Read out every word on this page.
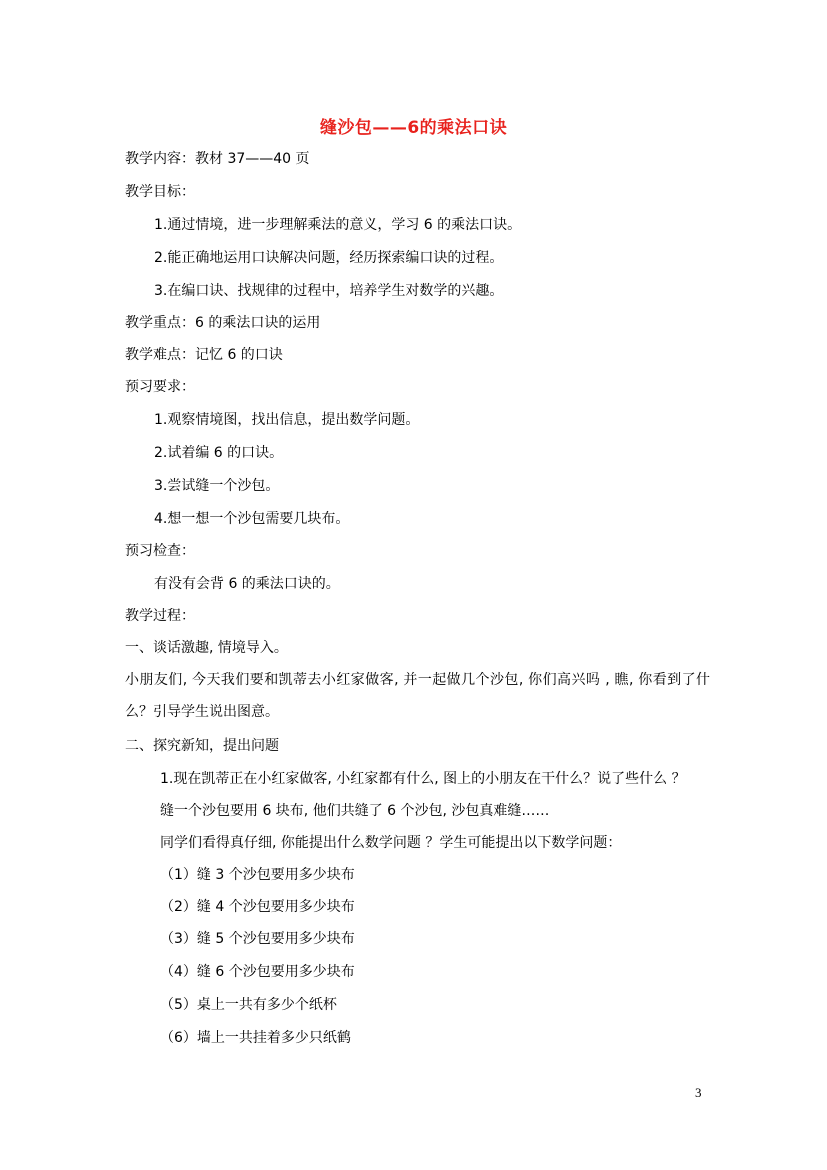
缝沙包——6的乘法口诀
教学内容：教材 37——40 页
教学目标：
1.通过情境，进一步理解乘法的意义，学习 6 的乘法口诀。
2.能正确地运用口诀解决问题，经历探索编口诀的过程。
3.在编口诀、找规律的过程中，培养学生对数学的兴趣。
教学重点：6 的乘法口诀的运用
教学难点：记忆 6 的口诀
预习要求：
1.观察情境图，找出信息，提出数学问题。
2.试着编 6 的口诀。
3.尝试缝一个沙包。
4.想一想一个沙包需要几块布。
预习检查：
有没有会背 6 的乘法口诀的。
教学过程：
一、谈话激趣, 情境导入。
小朋友们, 今天我们要和凯蒂去小红家做客, 并一起做几个沙包, 你们高兴吗 , 瞧, 你看到了什么？引导学生说出图意。
二、探究新知，提出问题
1.现在凯蒂正在小红家做客, 小红家都有什么, 图上的小朋友在干什么？说了些什么 ？
缝一个沙包要用 6 块布, 他们共缝了 6 个沙包, 沙包真难缝……
同学们看得真仔细, 你能提出什么数学问题 ？学生可能提出以下数学问题：
（1）缝 3 个沙包要用多少块布
（2）缝 4 个沙包要用多少块布
（3）缝 5 个沙包要用多少块布
（4）缝 6 个沙包要用多少块布
（5）桌上一共有多少个纸杯
（6）墙上一共挂着多少只纸鹤
3
